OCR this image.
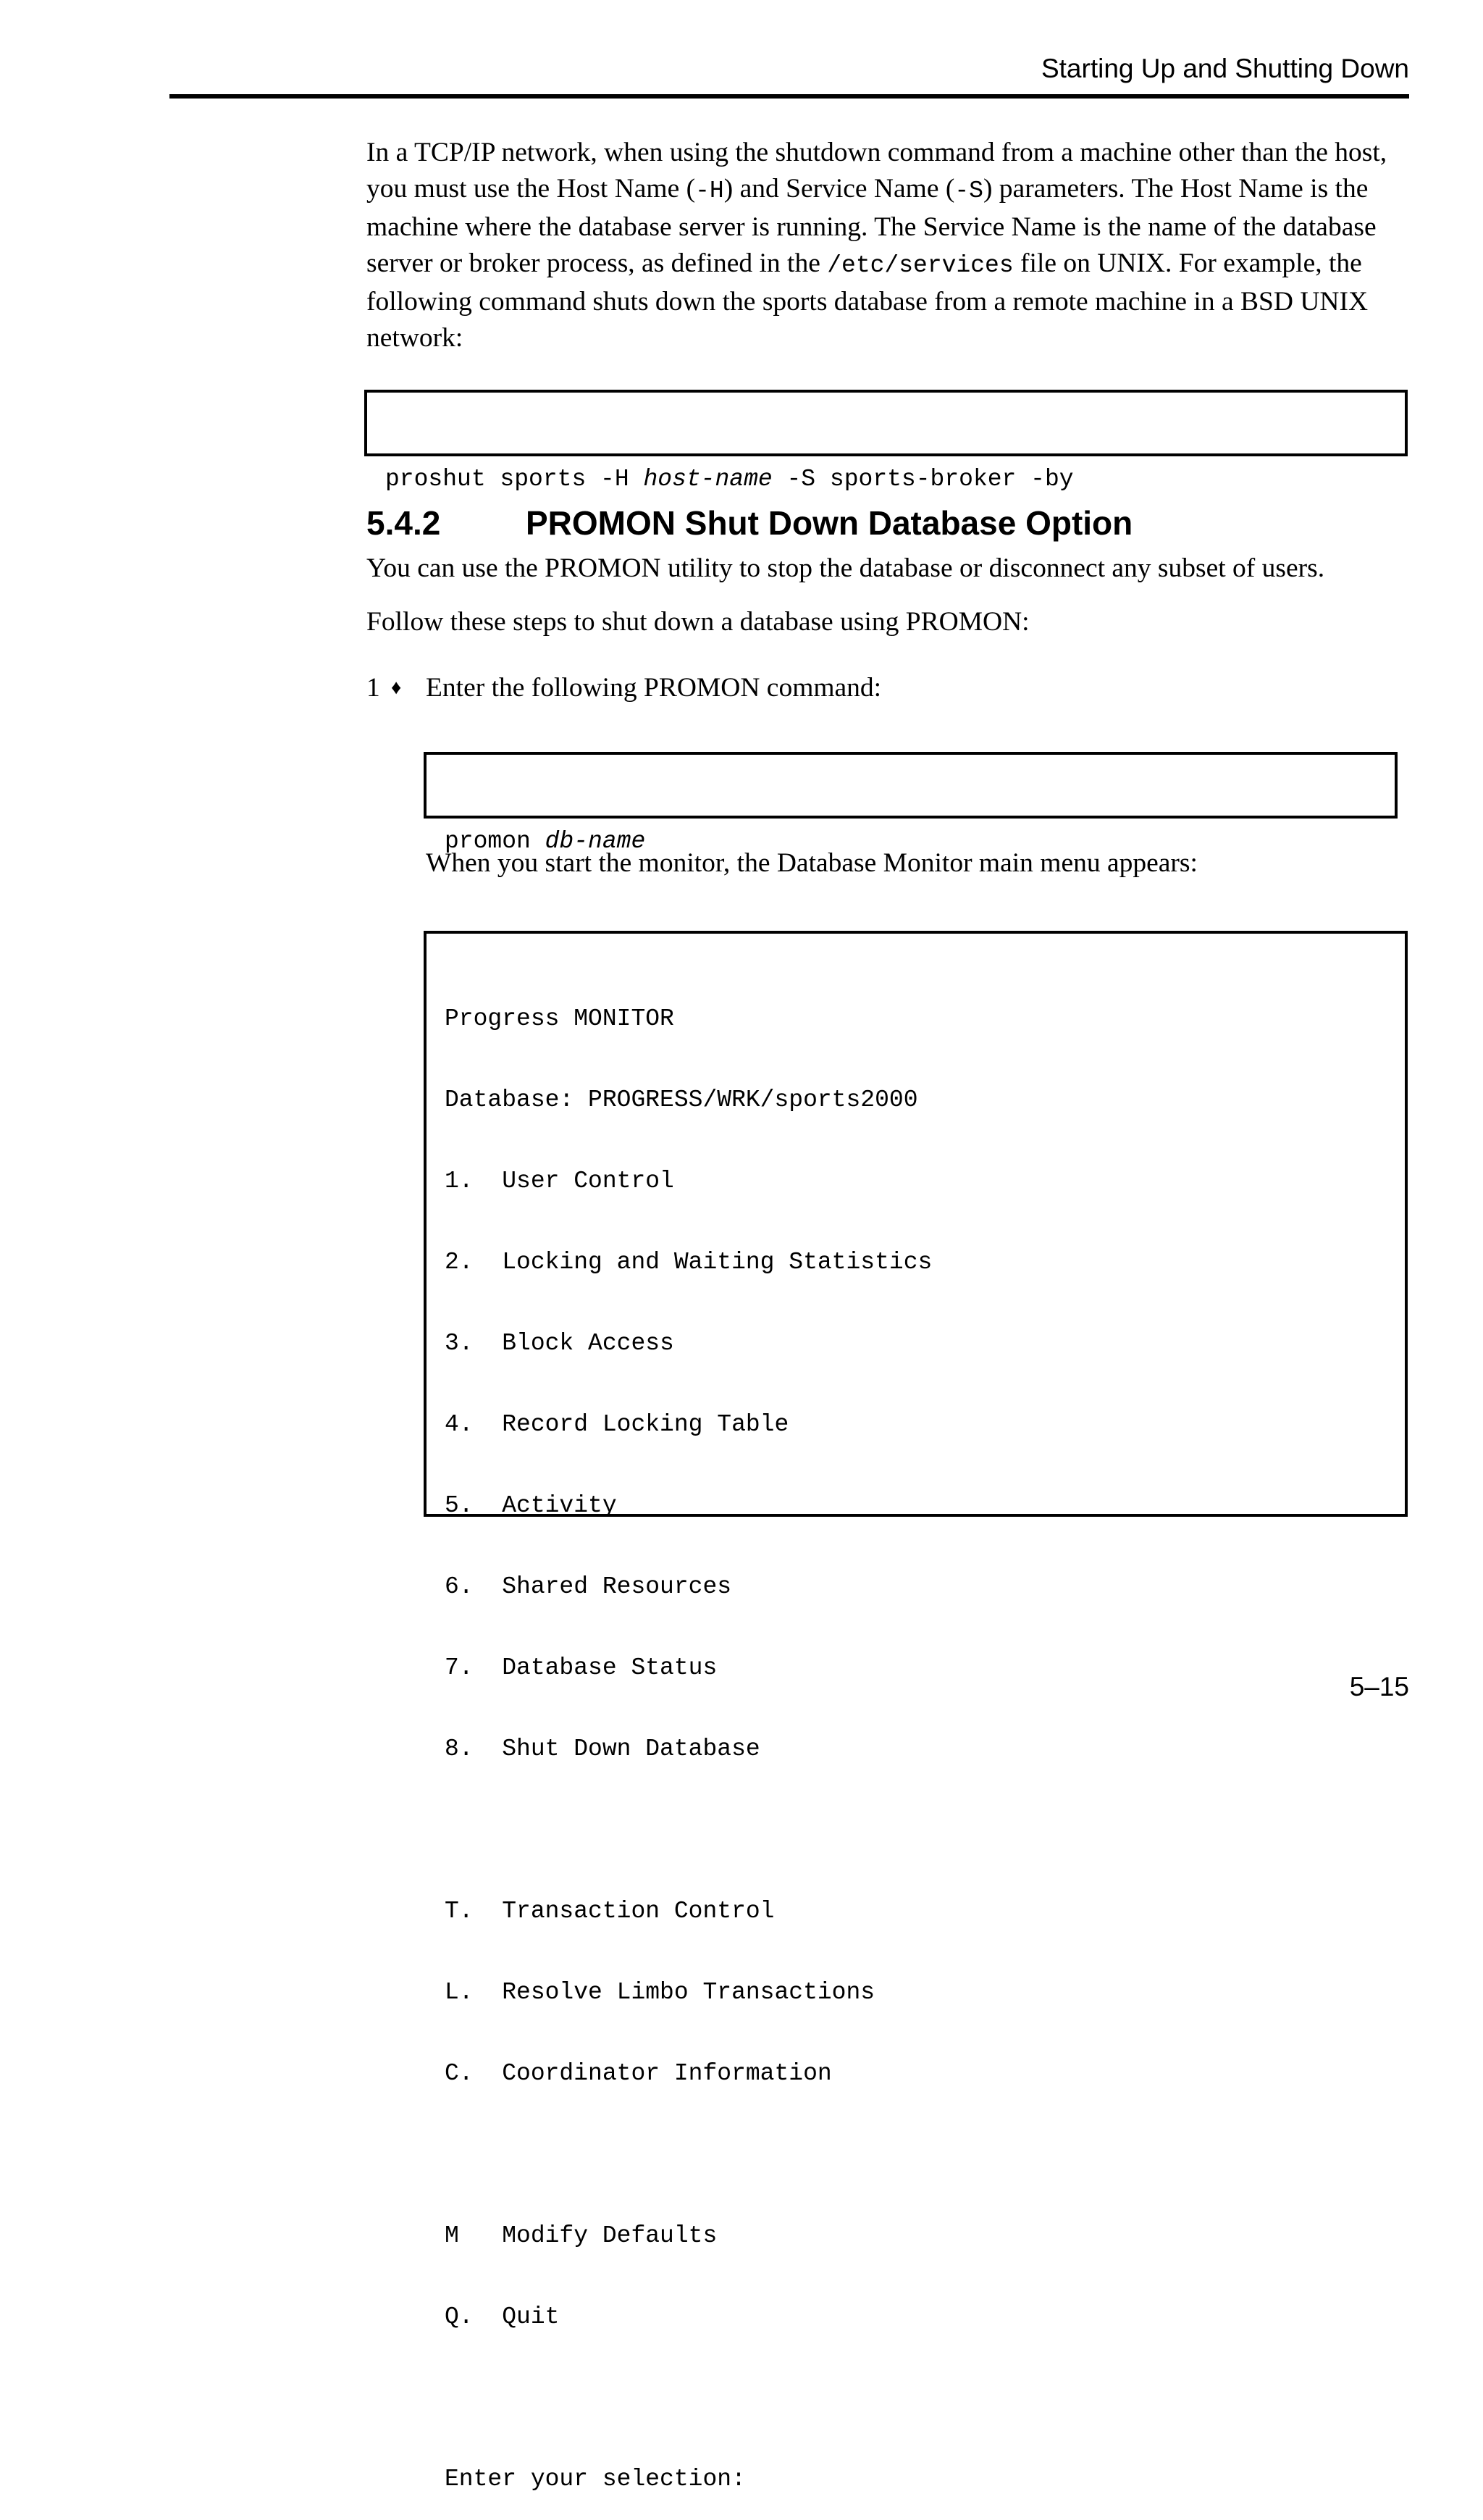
Starting Up and Shutting Down

In a TCP/IP network, when using the shutdown command from a machine other than the host, you must use the Host Name (-H) and Service Name (-S) parameters. The Host Name is the machine where the database server is running. The Service Name is the name of the database server or broker process, as defined in the /etc/services file on UNIX. For example, the following command shuts down the sports database from a remote machine in a BSD UNIX network:

proshut sports -H host-name -S sports-broker -by

5.4.2	PROMON Shut Down Database Option

You can use the PROMON utility to stop the database or disconnect any subset of users.

Follow these steps to shut down a database using PROMON:

1 ♦ Enter the following PROMON command:

promon db-name

When you start the monitor, the Database Monitor main menu appears:

Progress MONITOR

Database: PROGRESS/WRK/sports2000

1.  User Control

2.  Locking and Waiting Statistics

3.  Block Access

4.  Record Locking Table

5.  Activity

6.  Shared Resources

7.  Database Status

8.  Shut Down Database

T.  Transaction Control

L.  Resolve Limbo Transactions

C.  Coordinator Information

M   Modify Defaults

Q.  Quit

Enter your selection:

5–15
